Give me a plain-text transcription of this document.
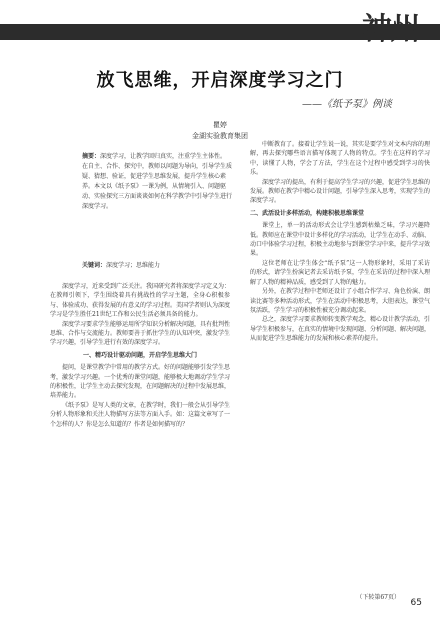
神州教育
神州
放飞思维，开启深度学习之门
——《纸予泵》例谈
瞿婷
金湖实验教育集团
摘要：深度学习，让教学回归真实，注重学生主体性。在自主、合作、探究中，教师以问题为导向，引导学生质疑、猜想、验证，促进学生思维发展，提升学生核心素养。本文以《纸予泵》一课为例，从情境引入、问题驱动、实验探究三方面谈谈如何在科学教学中引导学生进行深度学习。
关键词：深度学习；思维能力

深度学习，近来受到广泛关注。我国研究者将深度学习定义为：在教师引领下，学生围绕着具有挑战性的学习主题，全身心积极参与、体验成功、获得发展的有意义的学习过程。美国学者则认为深度学习是学生胜任21世纪工作和公民生活必须具备的能力。

深度学习要求学生能够运用所学知识分析解决问题，具有批判性思维、合作与交流能力。教师要善于抓住学生的认知冲突，激发学生学习兴趣，引导学生进行有效的深度学习。

一、精巧设计驱动问题，开启学生思维大门

提问，是课堂教学中常用的教学方式。好的问题能够引发学生思考，激发学习兴趣。一个优秀的课堂问题，能够极大地调动学生学习的积极性，让学生主动去探究发现，在问题解决的过程中发展思维，培养能力。

《纸予泵》是写人类的文章，在教学时，我们一般会从引导学生分析人物形象和关注人物描写方法等方面入手。如：这篇文章写了一个怎样的人？你是怎么知道的？作者是如何描写的？

中断教育了。接着让学生说一说，其实是要学生对文本内容的理解，再去探究哪些语言描写体现了人物的特点。学生在这样的学习中，读懂了人物，学会了方法，学生在这个过程中感受到学习的快乐。

深度学习的提出，有利于提高学生学习的兴趣，促进学生思维的发展。教师在教学中精心设计问题，引导学生深入思考，实现学生的深度学习。

二、武活设计多样活动，构建积极思维课堂

课堂上，单一的活动形式会让学生感到枯燥乏味，学习兴趣降低。教师应在课堂中设计多样化的学习活动，让学生在动手、动脑、动口中体验学习过程，积极主动地参与到课堂学习中来，提升学习效果。

这位老师在让学生体会“纸予泵”这一人物形象时，采用了采访的形式，请学生扮演记者去采访纸予泵，学生在采访的过程中深入理解了人物的精神品质，感受到了人物的魅力。

另外，在教学过程中老师还设计了小组合作学习、角色扮演、朗读比赛等多种活动形式，学生在活动中积极思考，大胆表达，课堂气氛活跃，学生学习的积极性被充分调动起来。

总之，深度学习要求教师转变教学观念，精心设计教学活动，引导学生积极参与，在真实的情境中发现问题、分析问题、解决问题，从而促进学生思维能力的发展和核心素养的提升。

（下转第67页）
65
